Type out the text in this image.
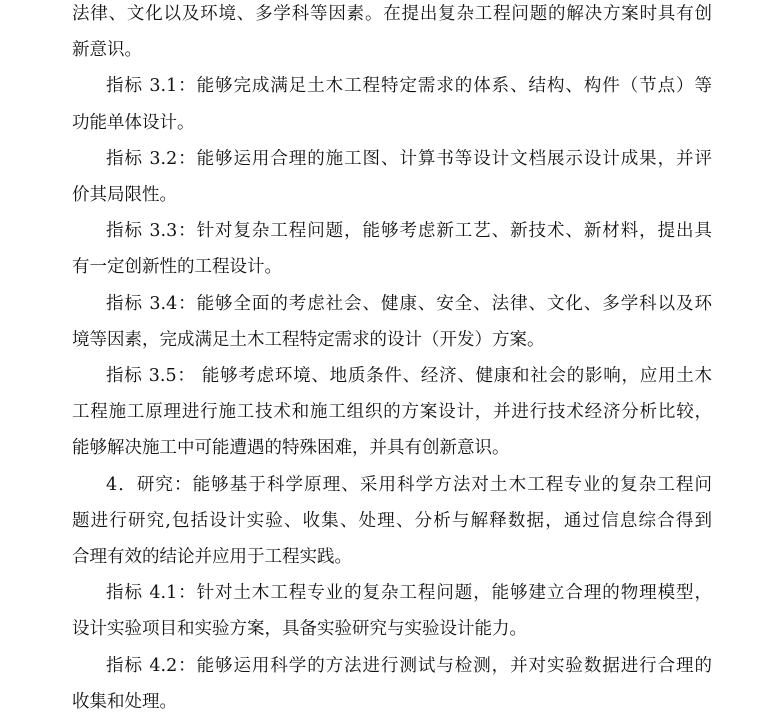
法律、文化以及环境、多学科等因素。在提出复杂工程问题的解决方案时具有创
新意识。
指标 3.1：能够完成满足土木工程特定需求的体系、结构、构件（节点）等
功能单体设计。
指标 3.2：能够运用合理的施工图、计算书等设计文档展示设计成果，并评
价其局限性。
指标 3.3：针对复杂工程问题，能够考虑新工艺、新技术、新材料，提出具
有一定创新性的工程设计。
指标 3.4：能够全面的考虑社会、健康、安全、法律、文化、多学科以及环
境等因素，完成满足土木工程特定需求的设计（开发）方案。
指标 3.5： 能够考虑环境、地质条件、经济、健康和社会的影响，应用土木
工程施工原理进行施工技术和施工组织的方案设计，并进行技术经济分析比较，
能够解决施工中可能遭遇的特殊困难，并具有创新意识。
4．研究：能够基于科学原理、采用科学方法对土木工程专业的复杂工程问
题进行研究,包括设计实验、收集、处理、分析与解释数据，通过信息综合得到
合理有效的结论并应用于工程实践。
指标 4.1：针对土木工程专业的复杂工程问题，能够建立合理的物理模型，
设计实验项目和实验方案，具备实验研究与实验设计能力。
指标 4.2：能够运用科学的方法进行测试与检测，并对实验数据进行合理的
收集和处理。
